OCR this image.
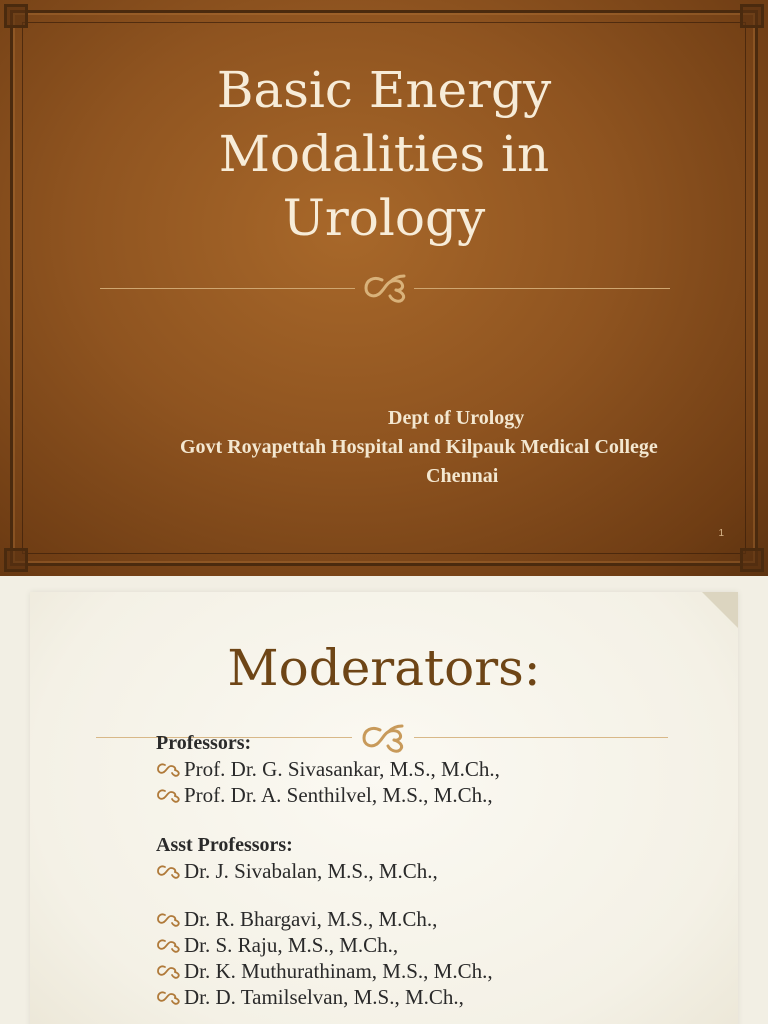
Basic Energy
Modalities in
Urology
Dept of Urology
Govt Royapettah Hospital and Kilpauk Medical College
Chennai
1
Moderators:
Professors:
Prof. Dr. G. Sivasankar, M.S., M.Ch.,
Prof. Dr. A. Senthilvel, M.S., M.Ch.,
Asst Professors:
Dr. J. Sivabalan, M.S., M.Ch.,
Dr. R. Bhargavi, M.S., M.Ch.,
Dr. S. Raju, M.S., M.Ch.,
Dr. K. Muthurathinam, M.S., M.Ch.,
Dr. D. Tamilselvan, M.S., M.Ch.,
